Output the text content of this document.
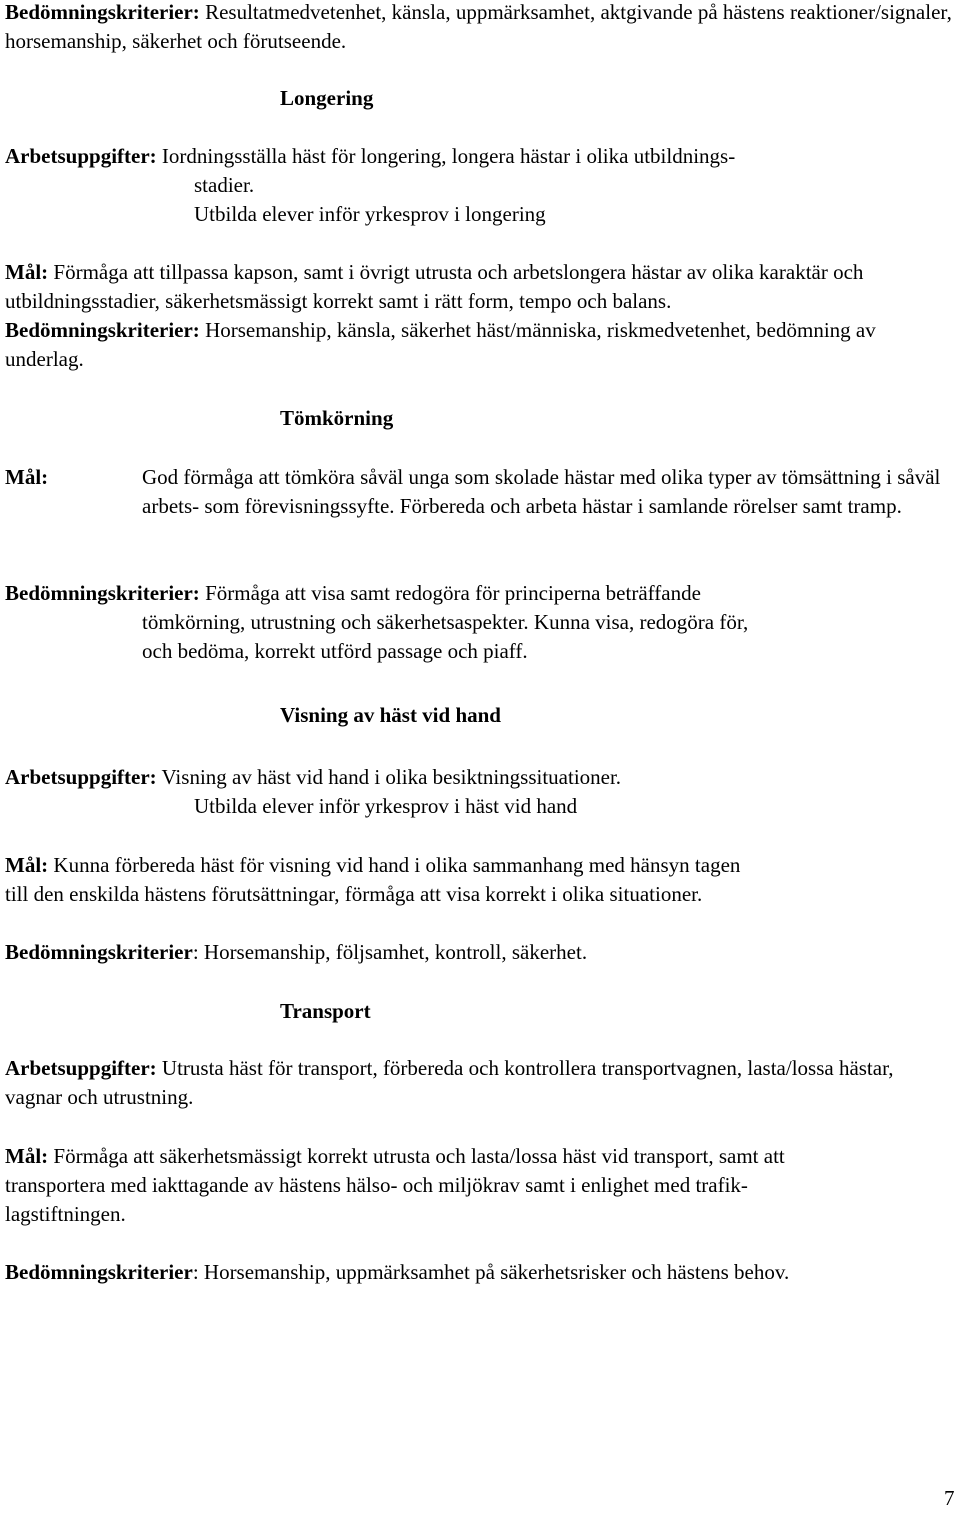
Bedömningskriterier: Resultatmedvetenhet, känsla, uppmärksamhet, aktgivande på hästens reaktioner/signaler, horsemanship, säkerhet och förutseende.

Longering

Arbetsuppgifter: Iordningsställa häst för longering, longera hästar i olika utbildnings-
stadier.
Utbilda elever inför yrkesprov i longering

Mål: Förmåga att tillpassa kapson, samt i övrigt utrusta och arbetslongera hästar av olika karaktär och utbildningsstadier, säkerhetsmässigt korrekt samt i rätt form, tempo och balans.

Bedömningskriterier: Horsemanship, känsla, säkerhet häst/människa, riskmedvetenhet, bedömning av underlag.

Tömkörning

Mål:	God förmåga att tömköra såväl unga som skolade hästar med olika typer av tömsättning i såväl arbets- som förevisningssyfte. Förbereda och arbeta hästar i samlande rörelser samt tramp.

Bedömningskriterier: Förmåga att visa samt redogöra för principerna beträffande
tömkörning, utrustning och säkerhetsaspekter. Kunna visa, redogöra för,
och bedöma, korrekt utförd passage och piaff.

Visning av häst vid hand

Arbetsuppgifter: Visning av häst vid hand i olika besiktningssituationer.
Utbilda elever inför yrkesprov i häst vid hand

Mål: Kunna förbereda häst för visning vid hand i olika sammanhang med hänsyn tagen
till den enskilda hästens förutsättningar, förmåga att visa korrekt i olika situationer.

Bedömningskriterier: Horsemanship, följsamhet, kontroll, säkerhet.

Transport

Arbetsuppgifter: Utrusta häst för transport, förbereda och kontrollera transportvagnen, lasta/lossa hästar, vagnar och utrustning.

Mål: Förmåga att säkerhetsmässigt korrekt utrusta och lasta/lossa häst vid transport, samt att
transportera med iakttagande av hästens hälso- och miljökrav samt i enlighet med trafik-
lagstiftningen.

Bedömningskriterier: Horsemanship, uppmärksamhet på säkerhetsrisker och hästens behov.

7
